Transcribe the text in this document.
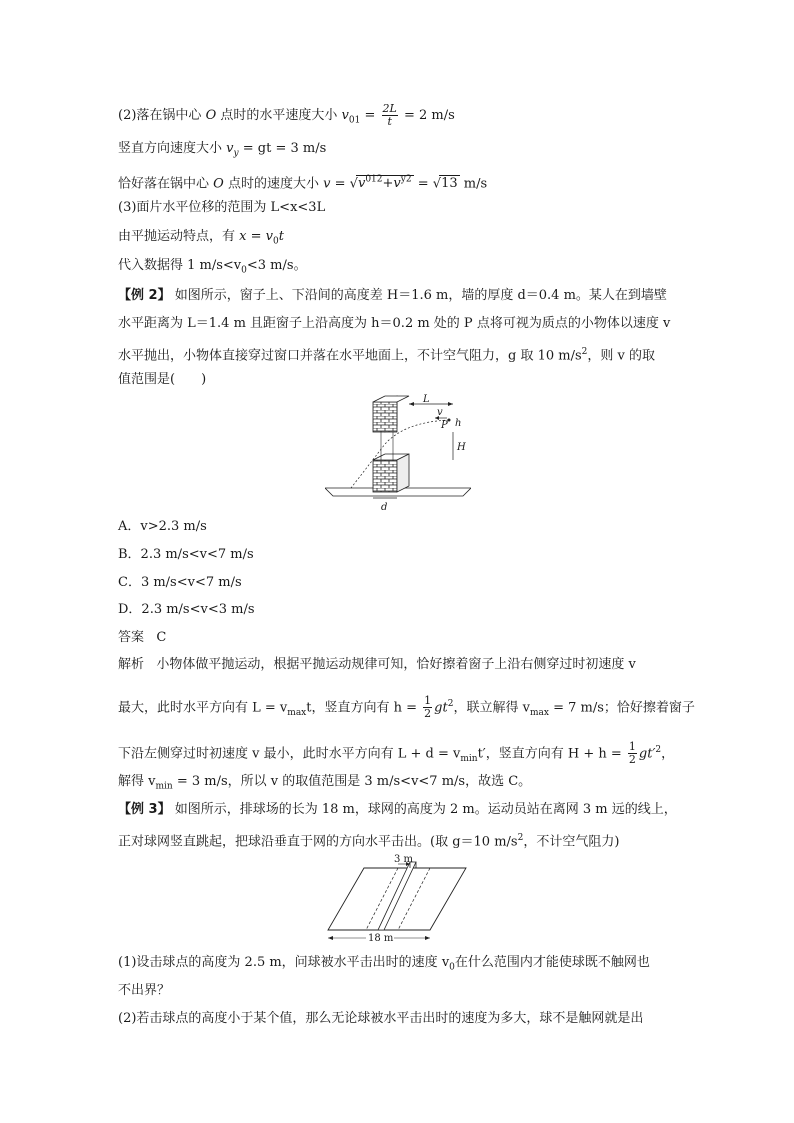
(2)落在锅中心 O 点时的水平速度大小 $v_{01} = \frac{2L}{t} = 2$ m/s
竖直方向速度大小 $v_y$ = gt = 3 m/s
恰好落在锅中心 O 点时的速度大小 $v = √v^{012}+v^{y2} = √13$ m/s
(3)面片水平位移的范围为 L<x<3L
由平抛运动特点，有 $x = v_0t$
代入数据得 1 $m/s<v_0<3$ m/s。
【例 2】 如图所示，窗子上、下沿间的高度差 H＝1.6 m，墙的厚度 d＝0.4 m。某人在到墙壁
水平距离为 L＝1.4 m 且距窗子上沿高度为 h＝0.2 m 处的 P 点将可视为质点的小物体以速度 v
水平抛出，小物体直接穿过窗口并落在水平地面上，不计空气阻力，g 取 10 $m/s^2$，则 v 的取
值范围是(　　)
L
v
P h
H
d
A．v>2.3 m/s
B．2.3 m/s<v<7 m/s
C．3 m/s<v<7 m/s
D．2.3 m/s<v<3 m/s
答案 C
解析 小物体做平抛运动，根据平抛运动规律可知，恰好擦着窗子上沿右侧穿过时初速度 v
最大，此时水平方向有 $L = v_{max}t$，竖直方向有 $h = \frac{1}{2} gt^2$，联立解得 $v_{max} = 7$ m/s；恰好擦着窗子
下沿左侧穿过时初速度 v 最小，此时水平方向有 $L + d = v_{min}t'$，竖直方向有 $H + h = \frac{1}{2} gt'^2$，
解得 $v_{min} = 3$ m/s，所以 v 的取值范围是 3 m/s<v<7 m/s，故选 C。
【例 3】 如图所示，排球场的长为 18 m，球网的高度为 2 m。运动员站在离网 3 m 远的线上，
正对球网竖直跳起，把球沿垂直于网的方向水平击出。(取 g＝10 $m/s^2$，不计空气阻力)
3 m
18 m
(1)设击球点的高度为 2.5 m，问球被水平击出时的速度 $v_0$在什么范围内才能使球既不触网也
不出界？
(2)若击球点的高度小于某个值，那么无论球被水平击出时的速度为多大，球不是触网就是出
